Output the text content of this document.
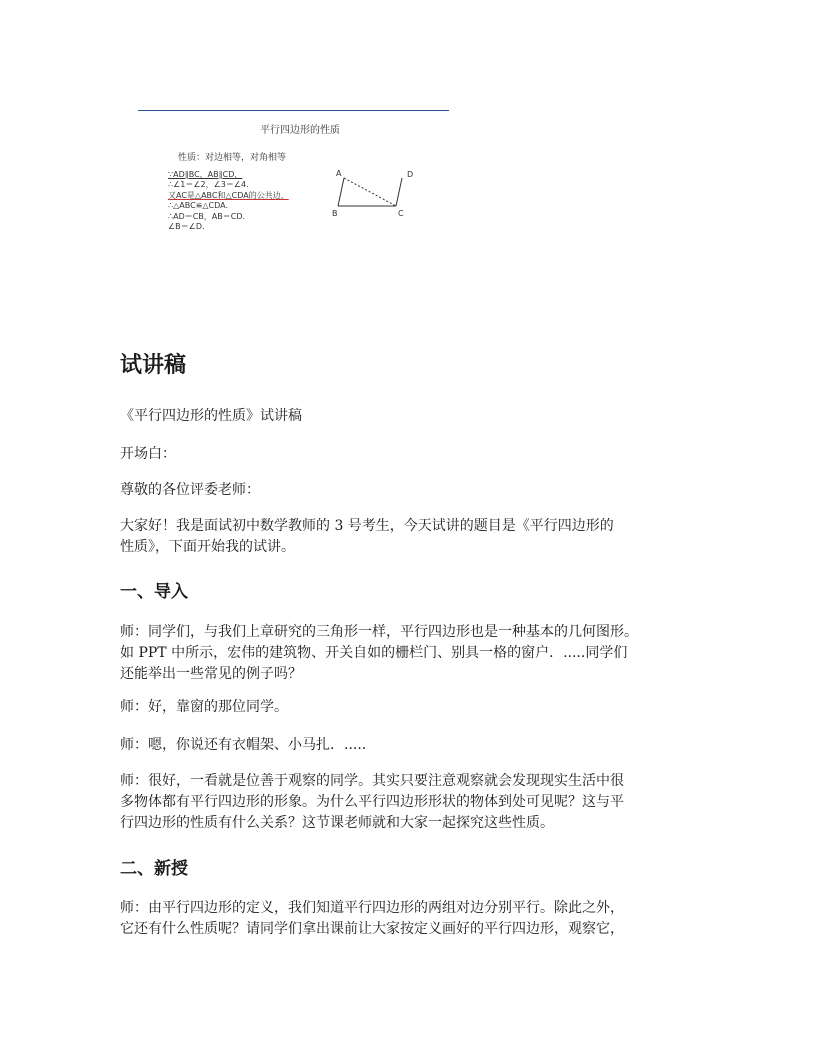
平行四边形的性质
性质：对边相等，对角相等
∵AD∥BC，AB∥CD，
∴∠1＝∠2，∠3＝∠4.
又AC是△ABC和△CDA的公共边，
∴△ABC≌△CDA.
∴AD＝CB，AB＝CD.
∠B＝∠D.
A
B	C
D
试讲稿
《平行四边形的性质》试讲稿
开场白：
尊敬的各位评委老师：
大家好！我是面试初中数学教师的 3 号考生，今天试讲的题目是《平行四边形的
性质》，下面开始我的试讲。
一、导入
师：同学们，与我们上章研究的三角形一样，平行四边形也是一种基本的几何图形。
如 PPT 中所示，宏伟的建筑物、开关自如的栅栏门、别具一格的窗户．.....同学们
还能举出一些常见的例子吗？
师：好，靠窗的那位同学。
师：嗯，你说还有衣帽架、小马扎．.....
师：很好，一看就是位善于观察的同学。其实只要注意观察就会发现现实生活中很
多物体都有平行四边形的形象。为什么平行四边形形状的物体到处可见呢？这与平
行四边形的性质有什么关系？这节课老师就和大家一起探究这些性质。
二、新授
师：由平行四边形的定义，我们知道平行四边形的两组对边分别平行。除此之外，
它还有什么性质呢？请同学们拿出课前让大家按定义画好的平行四边形，观察它，
